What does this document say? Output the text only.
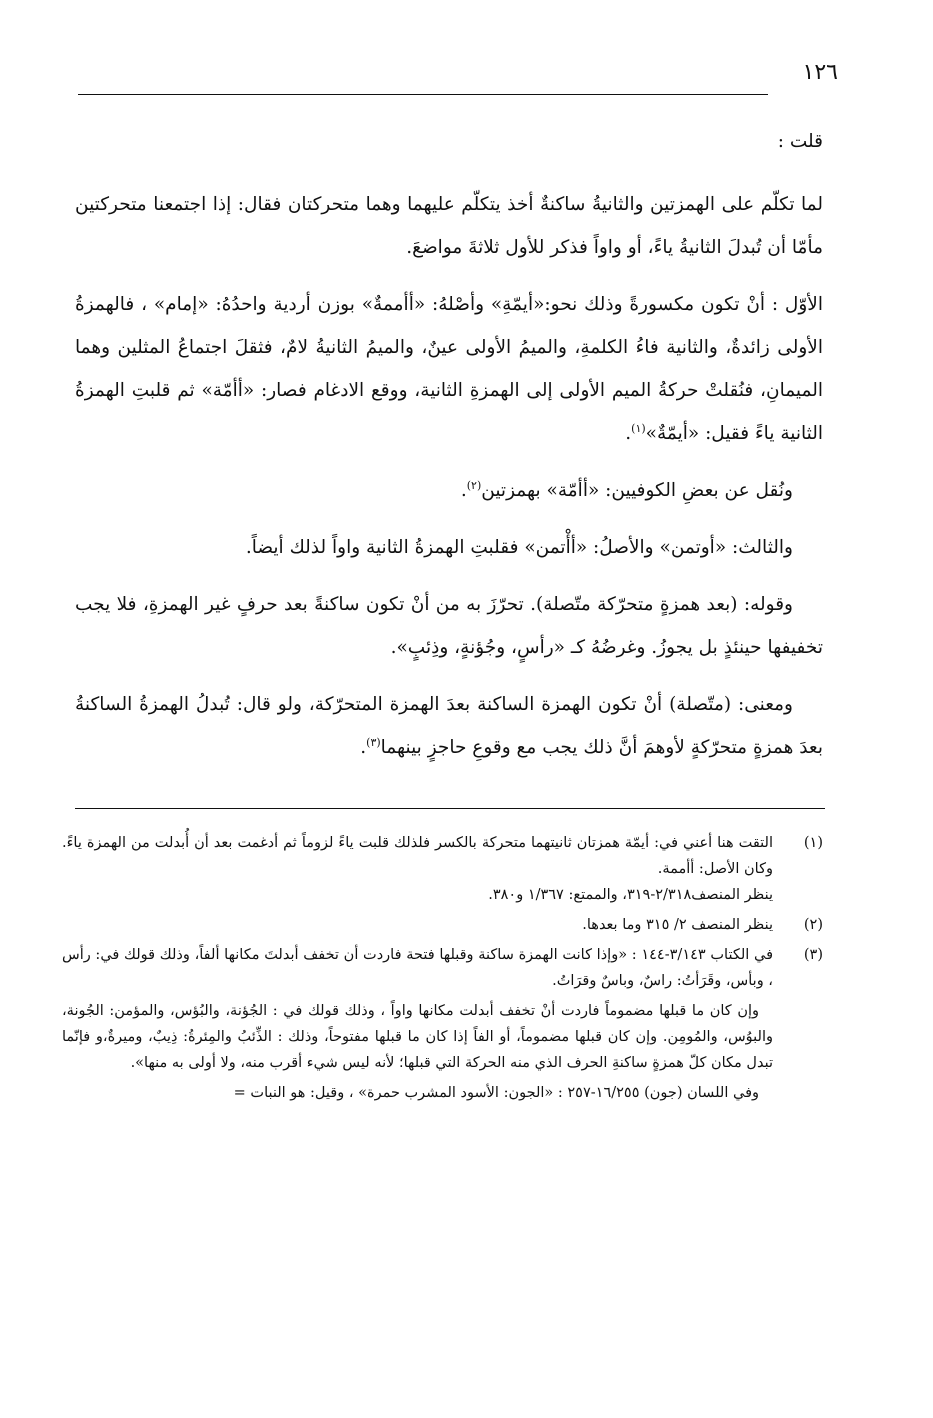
١٢٦

قلت :

لما تكلّم على الهمزتين والثانيةُ ساكنةٌ أخذ يتكلّم عليهما وهما متحركتان فقال: إذا اجتمعنا متحركتين مأمّا أن تُبدلَ الثانيةُ ياءً، أو واواً فذكر للأول ثلاثةَ مواضعَ.

الأوّل : أنْ تكون مكسورةً وذلك نحو:«أيمّةِ» وأصْلهُ: «أأممةٌ» بوزن أردية واحدُهُ: «إمام» ، فالهمزةُ الأولى زائدةٌ، والثانية فاءُ الكلمةِ، والميمُ الأولى عينٌ، والميمُ الثانيةُ لامٌ، فثقلَ اجتماعُ المثلين وهما الميمانِ، فنُقلتْ حركةُ الميم الأولى إلى الهمزةِ الثانية، ووقع الادغام فصار: «أأمّة» ثم قلبتِ الهمزةُ الثانية ياءً فقيل: «أيمّةٌ»$^{(١)}$.

ونُقل عن بعضِ الكوفيين: «أأمّة» بهمزتين$^{(٢)}$.

والثالث: «أوتمن» والأصلُ: «أأْتمن» فقلبتِ الهمزةُ الثانية واواً لذلك أيضاً.

وقوله: (بعد همزةٍ متحرّكة متّصلة). تحرّزَ به من أنْ تكون ساكنةً بعد حرفٍ غير الهمزةِ، فلا يجب تخفيفها حينئذٍ بل يجوزُ. وغرضُهُ كـ «رأسٍ، وجُؤنةٍ، وذِئبٍ».

ومعنى: (متّصلة) أنْ تكون الهمزة الساكنة بعدَ الهمزة المتحرّكة، ولو قال: تُبدلُ الهمزةُ الساكنةُ بعدَ همزةٍ متحرّكةٍ لأوهمَ أنَّ ذلك يجب مع وقوعِ حاجزٍ بينهما$^{(٣)}$.

(١)

التقت هنا أعني في: أيمّة همزتان ثانيتهما متحركة بالكسر فلذلك قلبت ياءً لزوماً ثم أدغمت بعد أن أُبدلت من الهمزة ياءً. وكان الأصل: أأممة.

ينظر المنصف٢/٣١٨-٣١٩، والممتع: ١/٣٦٧ و٣٨٠.

(٢)

ينظر المنصف ٢/ ٣١٥ وما بعدها.

(٣)

في الكتاب ٣/١٤٣-١٤٤ : «وإذا كانت الهمزة ساكنة وقبلها فتحة فاردت أن تخفف أبدلتَ مكانها ألفاً، وذلك قولك في: رأس ، وبأس، وقَرَأتُ: راسٌ، وباسٌ وقرَاتُ.

وإن كان ما قبلها مضموماً فاردت أنْ تخفف أبدلت مكانها واواً ، وذلك قولك في : الجُؤنة، والبُؤس، والمؤمن: الجُونة، والبوُس، والمُومِن. وإن كان قبلها مضموماً، أو الفاً إذا كان ما قبلها مفتوحاً، وذلك : الذِّئبُ والمِئرةُ: ذِيبٌ، وميرةٌ،و فإنّما تبدل مكان كلّ همزةٍ ساكنةِ الحرف الذي منه الحركة التي قبلها؛ لأنه ليس شيء أقرب منه، ولا أولى به منها».

وفي اللسان (جون) ١٦/٢٥٥-٢٥٧ : «الجون: الأسود المشرب حمرة» ، وقيل: هو النبات =
